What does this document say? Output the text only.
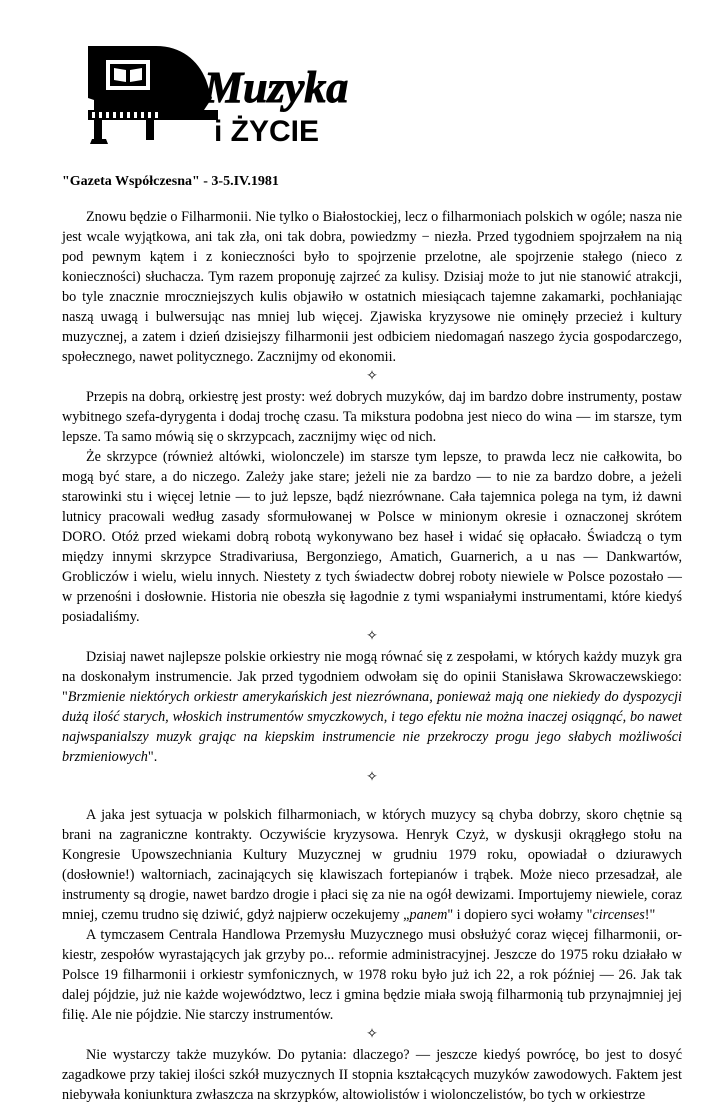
Muzyka
i ŻYCIE
"Gazeta Współczesna" - 3-5.IV.1981

Znowu będzie o Filharmonii. Nie tylko o Białostockiej, lecz o filharmoniach polskich w ogóle; nasza nie jest wcale wyjątkowa, ani tak zła, oni tak dobra, powiedzmy − niezła. Przed tygodniem spojrzałem na nią pod pewnym kątem i z konieczności było to spojrzenie przelotne, ale spojrzenie stałego (nieco z konieczności) słuchacza. Tym razem proponuję zajrzeć za kulisy. Dzisiaj może to jut nie stanowić atrakcji, bo tyle znacznie mroczniejszych kulis objawiło w ostatnich miesiącach tajemne zakamarki, pochłaniając naszą uwagą i bulwersując nas mniej lub więcej. Zjawiska kryzysowe nie ominęły przecież i kultury muzycznej, a zatem i dzień dzisiejszy filharmonii jest odbiciem niedomagań naszego życia gospodarczego, społecznego, nawet politycznego. Zacznijmy od ekonomii.

✧

Przepis na dobrą, orkiestrę jest prosty: weź dobrych muzyków, daj im bardzo dobre instrumenty, postaw wybitnego szefa-dyrygenta i dodaj trochę czasu. Ta mikstura podobna jest nieco do wina — im starsze, tym lepsze. Ta samo mówią się o skrzypcach, zacznijmy więc od nich.

Że skrzypce (również altówki, wiolonczele) im starsze tym lepsze, to prawda lecz nie całkowita, bo mogą być stare, a do niczego. Zależy jake stare; jeżeli nie za bardzo — to nie za bardzo dobre, a jeżeli starowinki stu i więcej letnie — to już lepsze, bądź niezrównane. Cała tajemnica polega na tym, iż dawni lutnicy pracowali według zasady sformułowanej w Polsce w minionym okresie i oznaczonej skrótem DORO. Otóż przed wiekami dobrą robotą wykonywano bez haseł i widać się opłacało. Świadczą o tym między innymi skrzypce Stradivariusa, Bergonziego, Amatich, Guarnerich, a u nas — Dankwartów, Grobliczów i wielu, wielu innych. Niestety z tych świadectw dobrej roboty niewiele w Polsce pozostało — w przenośni i dosłownie. Historia nie obeszła się łagodnie z tymi wspaniałymi instrumentami, które kiedyś posiadaliśmy.

✧

Dzisiaj nawet najlepsze polskie orkiestry nie mogą równać się z zespołami, w których każdy muzyk gra na doskonałym instrumencie. Jak przed tygodniem odwołam się do opinii Stanisława Skrowaczewskiego: "Brzmienie niektórych orkiestr amerykańskich jest niezrównana, ponieważ mają one niekiedy do dyspozycji dużą ilość starych, włoskich instrumentów smyczkowych, i tego efektu nie można inaczej osiągnąć, bo nawet najwspanialszy muzyk grając na kiepskim instrumencie nie przekroczy progu jego słabych możliwości brzmieniowych".

✧

A jaka jest sytuacja w polskich filharmoniach, w których muzycy są chyba dobrzy, skoro chętnie są brani na zagraniczne kontrakty. Oczywiście kryzysowa. Henryk Czyż, w dyskusji okrągłego stołu na Kongresie Upowszechniania Kultury Muzycznej w grudniu 1979 roku, opowiadał o dziurawych (dosłownie!) waltorniach, zacinających się klawiszach fortepianów i trąbek. Może nieco przesadzał, ale instrumenty są drogie, nawet bardzo drogie i płaci się za nie na ogół dewizami. Importujemy niewiele, coraz mniej, czemu trudno się dziwić, gdyż najpierw oczekujemy „panem" i dopiero syci wołamy "circenses!"

A tymczasem Centrala Handlowa Przemysłu Muzycznego musi obsłużyć coraz więcej filharmonii, or-kiestr, zespołów wyrastających jak grzyby po... reformie administracyjnej. Jeszcze do 1975 roku działało w Polsce 19 filharmonii i orkiestr symfonicznych, w 1978 roku było już ich 22, a rok później — 26. Jak tak dalej pójdzie, już nie każde województwo, lecz i gmina będzie miała swoją filharmonią tub przynajmniej jej filię. Ale nie pójdzie. Nie starczy instrumentów.

✧

Nie wystarczy także muzyków. Do pytania: dlaczego? — jeszcze kiedyś powrócę, bo jest to dosyć zagadkowe przy takiej ilości szkół muzycznych II stopnia kształcących muzyków zawodowych. Faktem jest niebywała koniunktura zwłaszcza na skrzypków, altowiolistów i wiolonczelistów, bo tych w orkiestrze
